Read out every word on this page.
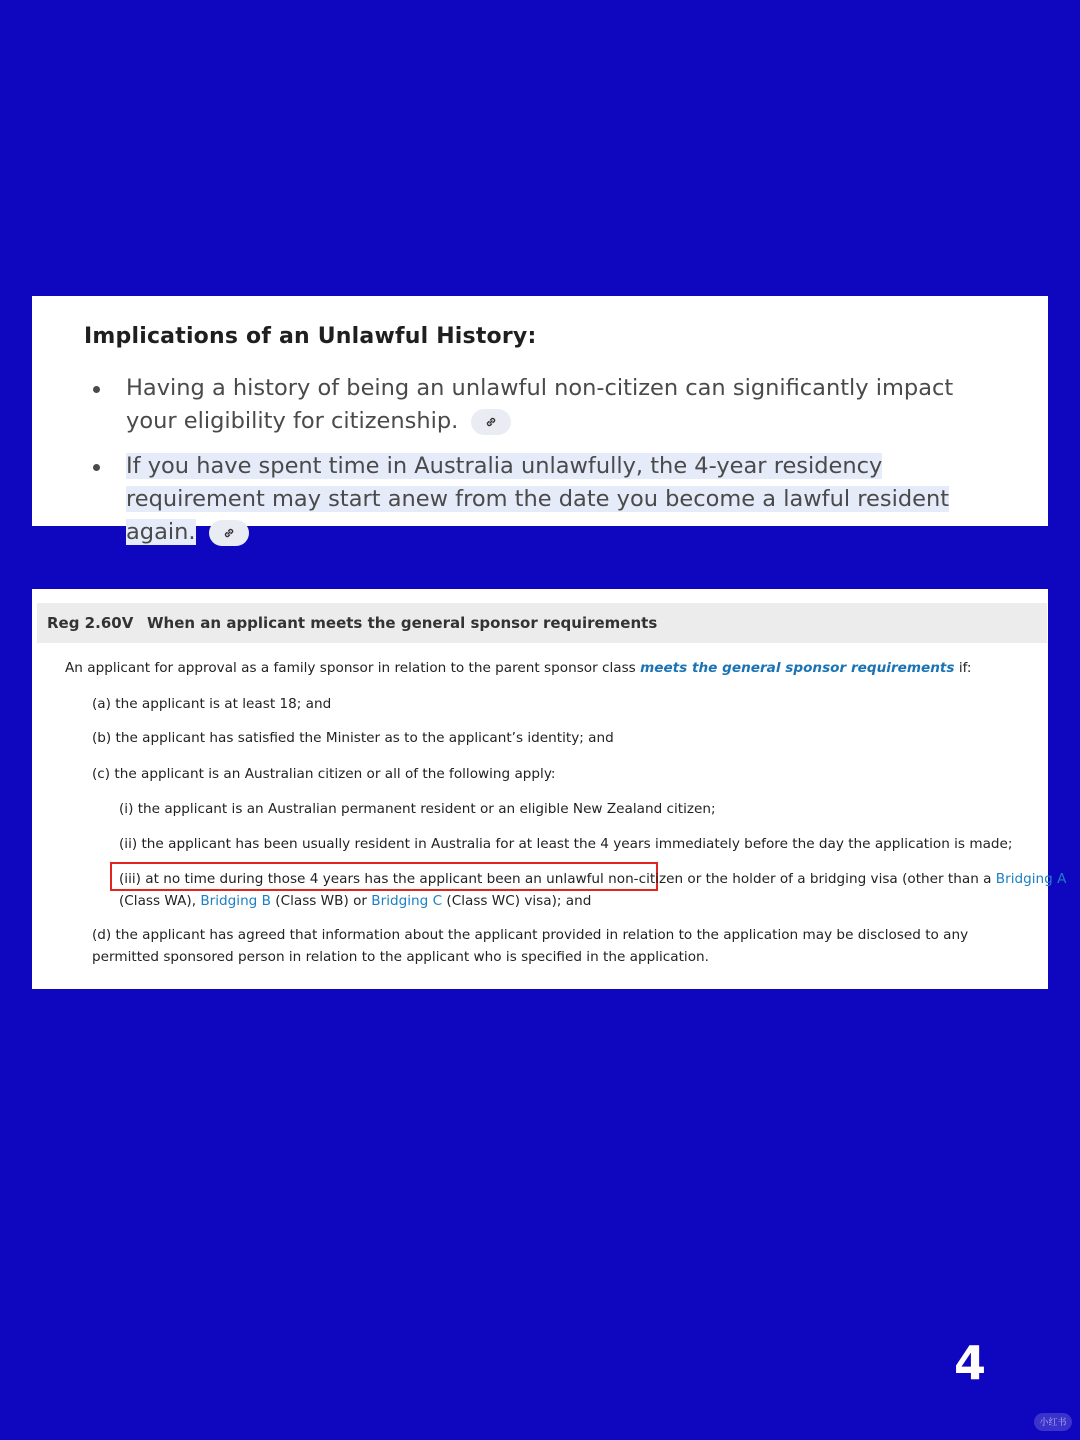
Implications of an Unlawful History:
Having a history of being an unlawful non-citizen can significantly impact your eligibility for citizenship.
If you have spent time in Australia unlawfully, the 4-year residency requirement may start anew from the date you become a lawful resident again.
Reg 2.60V When an applicant meets the general sponsor requirements
An applicant for approval as a family sponsor in relation to the parent sponsor class meets the general sponsor requirements if:
(a) the applicant is at least 18; and
(b) the applicant has satisfied the Minister as to the applicant’s identity; and
(c) the applicant is an Australian citizen or all of the following apply:
(i) the applicant is an Australian permanent resident or an eligible New Zealand citizen;
(ii) the applicant has been usually resident in Australia for at least the 4 years immediately before the day the application is made;
(iii) at no time during those 4 years has the applicant been an unlawful non-citizen or the holder of a bridging visa (other than a Bridging A
(Class WA), Bridging B (Class WB) or Bridging C (Class WC) visa); and
(d) the applicant has agreed that information about the applicant provided in relation to the application may be disclosed to any permitted sponsored person in relation to the applicant who is specified in the application.
4
小红书
